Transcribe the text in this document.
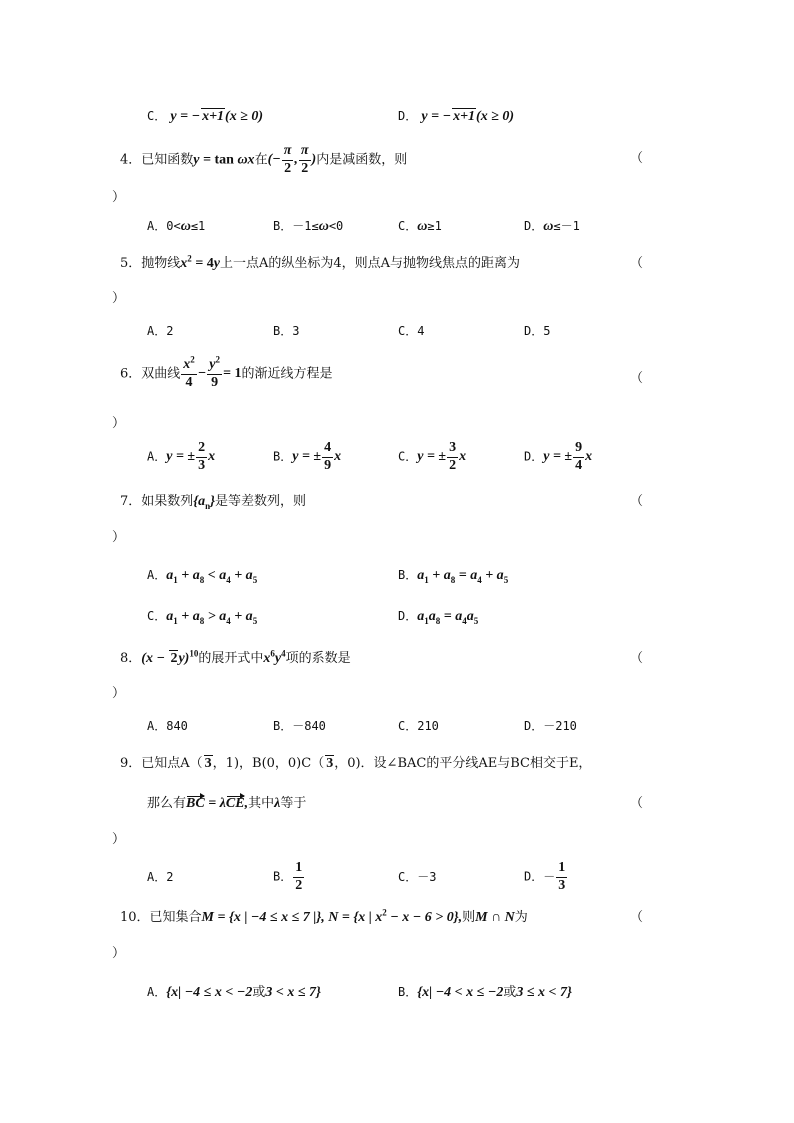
C． y = − x+1(x ≥ 0)	D． y = − x+1(x ≥ 0)
4．已知函数y = tan ωx在(− $\frac{\pi}{2}$ , $\frac{\pi}{2}$ )内是减函数，则	（
）
A．0<ω≤1	B．－1≤ω<0	C．ω≥1	D．ω≤－1
5．抛物线$x^2 = 4y$上一点A的纵坐标为4，则点A与抛物线焦点的距离为	（
）
A．2	B．3	C．4	D．5
6．双曲线 $\frac{x^2}{4} - \frac{y^2}{9} = 1$的渐近线方程是	（
）
A．y = ± $\frac{2}{3}$ x	B．y = ± $\frac{4}{9}$ x	C．y = ± $\frac{3}{2}$ x	D．y = ± $\frac{9}{4}$ x
7．如果数列$\{a_n\}$是等差数列，则	（
）
A．$a_1 + a_8 < a_4 + a_5$	B．$a_1 + a_8 = a_4 + a_5$
C．$a_1 + a_8 > a_4 + a_5$	D．$a_1a_8 = a_4a_5$
8．$(x - 2y)^{10}$的展开式中$x^6y^4$项的系数是	（
）
A．840	B．－840	C．210	D．－210
9．已知点A（ 3，1)，B(0，0)C（ 3，0)．设∠BAC的平分线AE与BC相交于E，
那么有BC = λCE,其中λ等于	（
）
A．2	B． $\frac{1}{2}$	C．－3	D．－ $\frac{1}{3}$
10．已知集合M = {x | −4 ≤ x ≤ 7 |}, N = {x | $x^2 - x - 6 > 0$},则M ∩ N为	（
）
A．{x| −4 ≤ x < −2或3 < x ≤ 7}	B．{x| −4 < x ≤ −2或3 ≤ x < 7}
